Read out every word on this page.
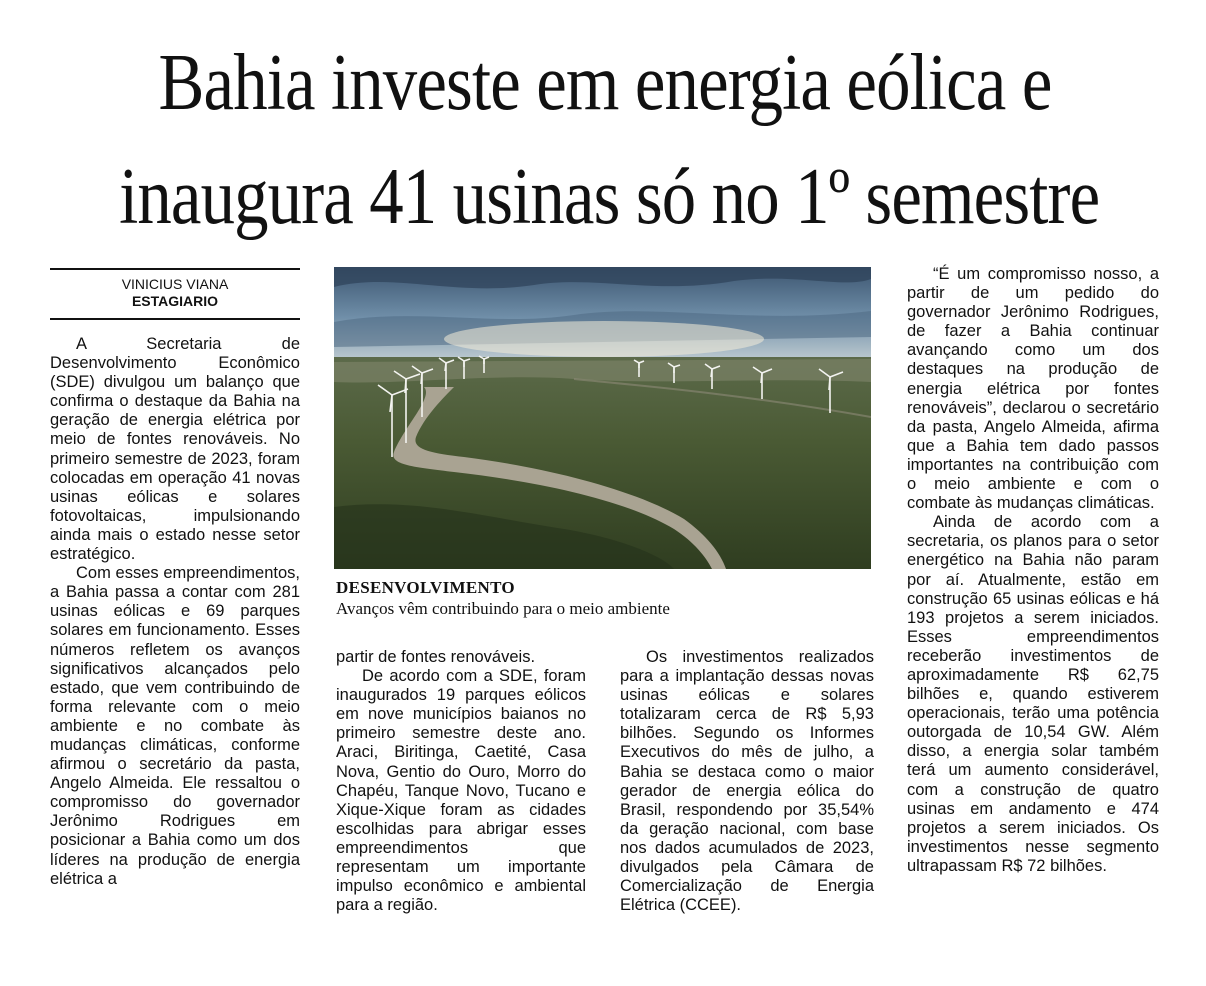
Bahia investe em energia eólica e
inaugura 41 usinas só no 1º semestre
VINICIUS VIANA
ESTAGIARIO

A Secretaria de Desenvolvimento Econômico (SDE) divulgou um balanço que confirma o destaque da Bahia na geração de energia elétrica por meio de fontes renováveis. No primeiro semestre de 2023, foram colocadas em operação 41 novas usinas eólicas e solares fotovoltaicas, impulsionando ainda mais o estado nesse setor estratégico.

Com esses empreendimentos, a Bahia passa a contar com 281 usinas eólicas e 69 parques solares em funcionamento. Esses números refletem os avanços significativos alcançados pelo estado, que vem contribuindo de forma relevante com o meio ambiente e no combate às mudanças climáticas, conforme afirmou o secretário da pasta, Angelo Almeida. Ele ressaltou o compromisso do governador Jerônimo Rodrigues em posicionar a Bahia como um dos líderes na produção de energia elétrica a

DESENVOLVIMENTO
Avanços vêm contribuindo para o meio ambiente

partir de fontes renováveis.

De acordo com a SDE, foram inaugurados 19 parques eólicos em nove municípios baianos no primeiro semestre deste ano. Araci, Biritinga, Caetité, Casa Nova, Gentio do Ouro, Morro do Chapéu, Tanque Novo, Tucano e Xique-Xique foram as cidades escolhidas para abrigar esses empreendimentos que representam um importante impulso econômico e ambiental para a região.

Os investimentos realizados para a implantação dessas novas usinas eólicas e solares totalizaram cerca de R$ 5,93 bilhões. Segundo os Informes Executivos do mês de julho, a Bahia se destaca como o maior gerador de energia eólica do Brasil, respondendo por 35,54% da geração nacional, com base nos dados acumulados de 2023, divulgados pela Câmara de Comercialização de Energia Elétrica (CCEE).

“É um compromisso nosso, a partir de um pedido do governador Jerônimo Rodrigues, de fazer a Bahia continuar avançando como um dos destaques na produção de energia elétrica por fontes renováveis”, declarou o secretário da pasta, Angelo Almeida, afirma que a Bahia tem dado passos importantes na contribuição com o meio ambiente e com o combate às mudanças climáticas.

Ainda de acordo com a secretaria, os planos para o setor energético na Bahia não param por aí. Atualmente, estão em construção 65 usinas eólicas e há 193 projetos a serem iniciados. Esses empreendimentos receberão investimentos de aproximadamente R$ 62,75 bilhões e, quando estiverem operacionais, terão uma potência outorgada de 10,54 GW. Além disso, a energia solar também terá um aumento considerável, com a construção de quatro usinas em andamento e 474 projetos a serem iniciados. Os investimentos nesse segmento ultrapassam R$ 72 bilhões.
